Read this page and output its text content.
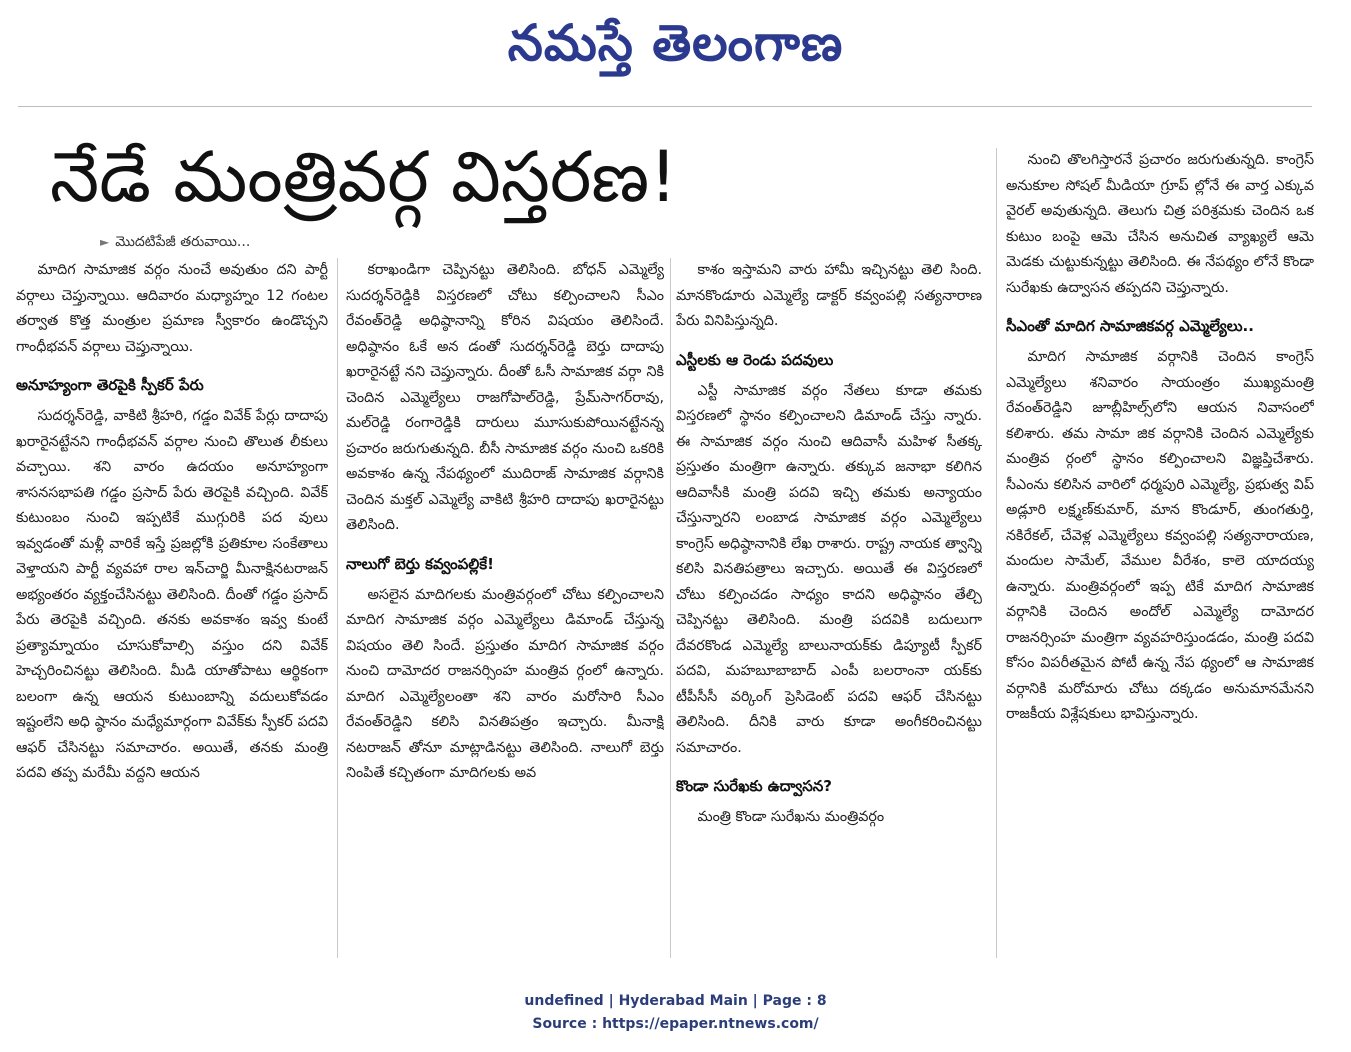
నమస్తే తెలంగాణ
నేడే మంత్రివర్గ విస్తరణ!
► మొదటిపేజీ తరువాయి...

మాదిగ సామాజిక వర్గం నుంచే అవుతుం దని పార్టీ వర్గాలు చెప్తున్నాయి. ఆదివారం మధ్యాహ్నం 12 గంటల తర్వాత కొత్త మంత్రుల ప్రమాణ స్వీకారం ఉండొచ్చని గాంధీభవన్ వర్గాలు చెప్తున్నాయి.

అనూహ్యంగా తెరపైకి స్పీకర్ పేరు

సుదర్శన్‌రెడ్డి, వాకిటి శ్రీహరి, గడ్డం వివేక్ పేర్లు దాదాపు ఖరారైనట్టేనని గాంధీభవన్ వర్గాల నుంచి తొలుత లీకులు వచ్చాయి. శని వారం ఉదయం అనూహ్యంగా శాసనసభాపతి గడ్డం ప్రసాద్ పేరు తెరపైకి వచ్చింది. వివేక్ కుటుంబం నుంచి ఇప్పటికే ముగ్గురికి పద వులు ఇవ్వడంతో మళ్లీ వారికే ఇస్తే ప్రజల్లోకి ప్రతికూల సంకేతాలు వెళ్తాయని పార్టీ వ్యవహా రాల ఇన్‌చార్జి మీనాక్షినటరాజన్ అభ్యంతరం వ్యక్తంచేసినట్టు తెలిసింది. దీంతో గడ్డం ప్రసాద్ పేరు తెరపైకి వచ్చింది. తనకు అవకాశం ఇవ్వ కుంటే ప్రత్యామ్నాయం చూసుకోవాల్సి వస్తుం దని వివేక్ హెచ్చరించినట్టు తెలిసింది. మీడి యాతోపాటు ఆర్థికంగా బలంగా ఉన్న ఆయన కుటుంబాన్ని వదులుకోవడం ఇష్టంలేని అధి ష్ఠానం మధ్యేమార్గంగా వివేక్‌కు స్పీకర్ పదవి ఆఫర్ చేసినట్టు సమాచారం. అయితే, తనకు మంత్రి పదవి తప్ప మరేమీ వద్దని ఆయన

కరాఖండిగా చెప్పినట్టు తెలిసింది. బోధన్ ఎమ్మెల్యే సుదర్శన్‌రెడ్డికి విస్తరణలో చోటు కల్పించాలని సీఎం రేవంత్‌రెడ్డి అధిష్ఠానాన్ని కోరిన విషయం తెలిసిందే. అధిష్ఠానం ఓకే అన డంతో సుదర్శన్‌రెడ్డి బెర్తు దాదాపు ఖరారైనట్టే నని చెప్తున్నారు. దీంతో ఓసీ సామాజిక వర్గా నికి చెందిన ఎమ్మెల్యేలు రాజగోపాల్‌రెడ్డి, ప్రేమ్‌సాగర్‌రావు, మల్‌రెడ్డి రంగారెడ్డికి దారులు మూసుకుపోయినట్టేనన్న ప్రచారం జరుగుతున్నది. బీసీ సామాజిక వర్గం నుంచి ఒకరికి అవకాశం ఉన్న నేపథ్యంలో ముదిరాజ్ సామాజిక వర్గానికి చెందిన మక్తల్ ఎమ్మెల్యే వాకిటి శ్రీహరి దాదాపు ఖరారైనట్టు తెలిసింది.

నాలుగో బెర్తు కవ్వంపల్లికే!

అసలైన మాదిగలకు మంత్రివర్గంలో చోటు కల్పించాలని మాదిగ సామాజిక వర్గం ఎమ్మెల్యేలు డిమాండ్ చేస్తున్న విషయం తెలి సిందే. ప్రస్తుతం మాదిగ సామాజిక వర్గం నుంచి దామోదర రాజనర్సింహ మంత్రివ ర్గంలో ఉన్నారు. మాదిగ ఎమ్మెల్యేలంతా శని వారం మరోసారి సీఎం రేవంత్‌రెడ్డిని కలిసి వినతిపత్రం ఇచ్చారు. మీనాక్షి నటరాజన్ తోనూ మాట్లాడినట్టు తెలిసింది. నాలుగో బెర్తు నింపితే కచ్చితంగా మాదిగలకు అవ

కాశం ఇస్తామని వారు హామీ ఇచ్చినట్టు తెలి సింది. మానకొండూరు ఎమ్మెల్యే డాక్టర్ కవ్వంపల్లి సత్యనారాణ పేరు వినిపిస్తున్నది.

ఎస్టీలకు ఆ రెండు పదవులు

ఎస్టీ సామాజిక వర్గం నేతలు కూడా తమకు విస్తరణలో స్థానం కల్పించాలని డిమాండ్ చేస్తు న్నారు. ఈ సామాజిక వర్గం నుంచి ఆదివాసీ మహిళ సీతక్క ప్రస్తుతం మంత్రిగా ఉన్నారు. తక్కువ జనాభా కలిగిన ఆదివాసీకి మంత్రి పదవి ఇచ్చి తమకు అన్యాయం చేస్తున్నారని లంబాడ సామాజిక వర్గం ఎమ్మెల్యేలు కాంగ్రెస్ అధిష్ఠానానికి లేఖ రాశారు. రాష్ట్ర నాయక త్వాన్ని కలిసి వినతిపత్రాలు ఇచ్చారు. అయితే ఈ విస్తరణలో చోటు కల్పించడం సాధ్యం కాదని అధిష్ఠానం తేల్చి చెప్పినట్టు తెలిసింది. మంత్రి పదవికి బదులుగా దేవరకొండ ఎమ్మెల్యే బాలునాయక్‌కు డిప్యూటీ స్పీకర్ పదవి, మహబూబాబాద్ ఎంపీ బలరాంనా యక్‌కు టీపీసీసీ వర్కింగ్ ప్రెసిడెంట్ పదవి ఆఫర్ చేసినట్టు తెలిసింది. దీనికి వారు కూడా అంగీకరించినట్టు సమాచారం.

కొండా సురేఖకు ఉద్వాసన?

మంత్రి కొండా సురేఖను మంత్రివర్గం

నుంచి తొలగిస్తారనే ప్రచారం జరుగుతున్నది. కాంగ్రెస్ అనుకూల సోషల్ మీడియా గ్రూప్ ల్లోనే ఈ వార్త ఎక్కువ వైరల్ అవుతున్నది. తెలుగు చిత్ర పరిశ్రమకు చెందిన ఒక కుటుం బంపై ఆమె చేసిన అనుచిత వ్యాఖ్యలే ఆమె మెడకు చుట్టుకున్నట్టు తెలిసింది. ఈ నేపథ్యం లోనే కొండా సురేఖకు ఉద్వాసన తప్పదని చెప్తున్నారు.

సీఎంతో మాదిగ సామాజికవర్గ ఎమ్మెల్యేలు..

మాదిగ సామాజిక వర్గానికి చెందిన కాంగ్రెస్ ఎమ్మెల్యేలు శనివారం సాయంత్రం ముఖ్యమంత్రి రేవంత్‌రెడ్డిని జూబ్లీహిల్స్‌లోని ఆయన నివాసంలో కలిశారు. తమ సామా జిక వర్గానికి చెందిన ఎమ్మెల్యేకు మంత్రివ ర్గంలో స్థానం కల్పించాలని విజ్ఞప్తిచేశారు. సీఎంను కలిసిన వారిలో ధర్మపురి ఎమ్మెల్యే, ప్రభుత్వ విప్ అడ్లూరి లక్ష్మణ్‌కుమార్, మాన కొండూర్, తుంగతుర్తి, నకిరేకల్, చేవెళ్ల ఎమ్మెల్యేలు కవ్వంపల్లి సత్యనారాయణ, మందుల సామేల్, వేముల వీరేశం, కాలె యాదయ్య ఉన్నారు. మంత్రివర్గంలో ఇప్ప టికే మాదిగ సామాజిక వర్గానికి చెందిన అందోల్ ఎమ్మెల్యే దామోదర రాజనర్సింహ మంత్రిగా వ్యవహరిస్తుండడం, మంత్రి పదవి కోసం విపరీతమైన పోటీ ఉన్న నేప థ్యంలో ఆ సామాజిక వర్గానికి మరోమారు చోటు దక్కడం అనుమానమేనని రాజకీయ విశ్లేషకులు భావిస్తున్నారు.

undefined | Hyderabad Main | Page : 8
Source : https://epaper.ntnews.com/
